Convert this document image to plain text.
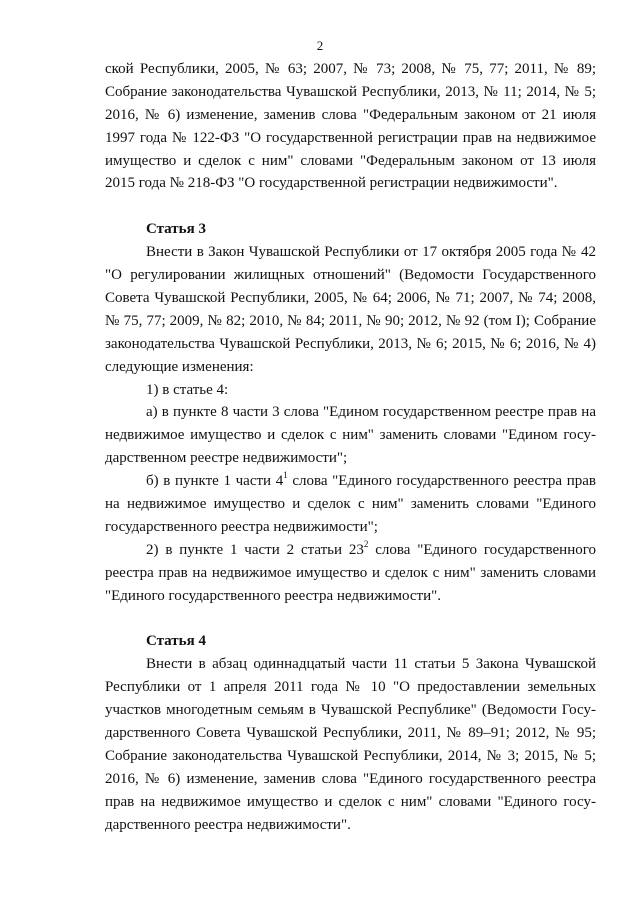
2
ской Республики, 2005, № 63; 2007, № 73; 2008, № 75, 77; 2011, № 89;
Собрание законодательства Чувашской Республики, 2013, № 11; 2014, № 5;
2016, № 6) изменение, заменив слова "Федеральным законом от 21 июля
1997 года № 122-ФЗ "О государственной регистрации прав на недвижимое
имущество и сделок с ним" словами "Федеральным законом от 13 июля
2015 года № 218-ФЗ "О государственной регистрации недвижимости".
Статья 3
Внести в Закон Чувашской Республики от 17 октября 2005 года № 42
"О регулировании жилищных отношений" (Ведомости Государственного
Совета Чувашской Республики, 2005, № 64; 2006, № 71; 2007, № 74; 2008,
№ 75, 77; 2009, № 82; 2010, № 84; 2011, № 90; 2012, № 92 (том I); Собрание
законодательства Чувашской Республики, 2013, № 6; 2015, № 6; 2016, № 4)
следующие изменения:
1) в статье 4:
а) в пункте 8 части 3 слова "Едином государственном реестре прав на
недвижимое имущество и сделок с ним" заменить словами "Едином госу-
дарственном реестре недвижимости";
б) в пункте 1 части $4^1$ слова "Единого государственного реестра прав
на недвижимое имущество и сделок с ним" заменить словами "Единого
государственного реестра недвижимости";
2) в пункте 1 части 2 статьи $23^2$ слова "Единого государственного
реестра прав на недвижимое имущество и сделок с ним" заменить словами
"Единого государственного реестра недвижимости".
Статья 4
Внести в абзац одиннадцатый части 11 статьи 5 Закона Чувашской
Республики от 1 апреля 2011 года № 10 "О предоставлении земельных
участков многодетным семьям в Чувашской Республике" (Ведомости Госу-
дарственного Совета Чувашской Республики, 2011, № 89–91; 2012, № 95;
Собрание законодательства Чувашской Республики, 2014, № 3; 2015, № 5;
2016, № 6) изменение, заменив слова "Единого государственного реестра
прав на недвижимое имущество и сделок с ним" словами "Единого госу-
дарственного реестра недвижимости".
